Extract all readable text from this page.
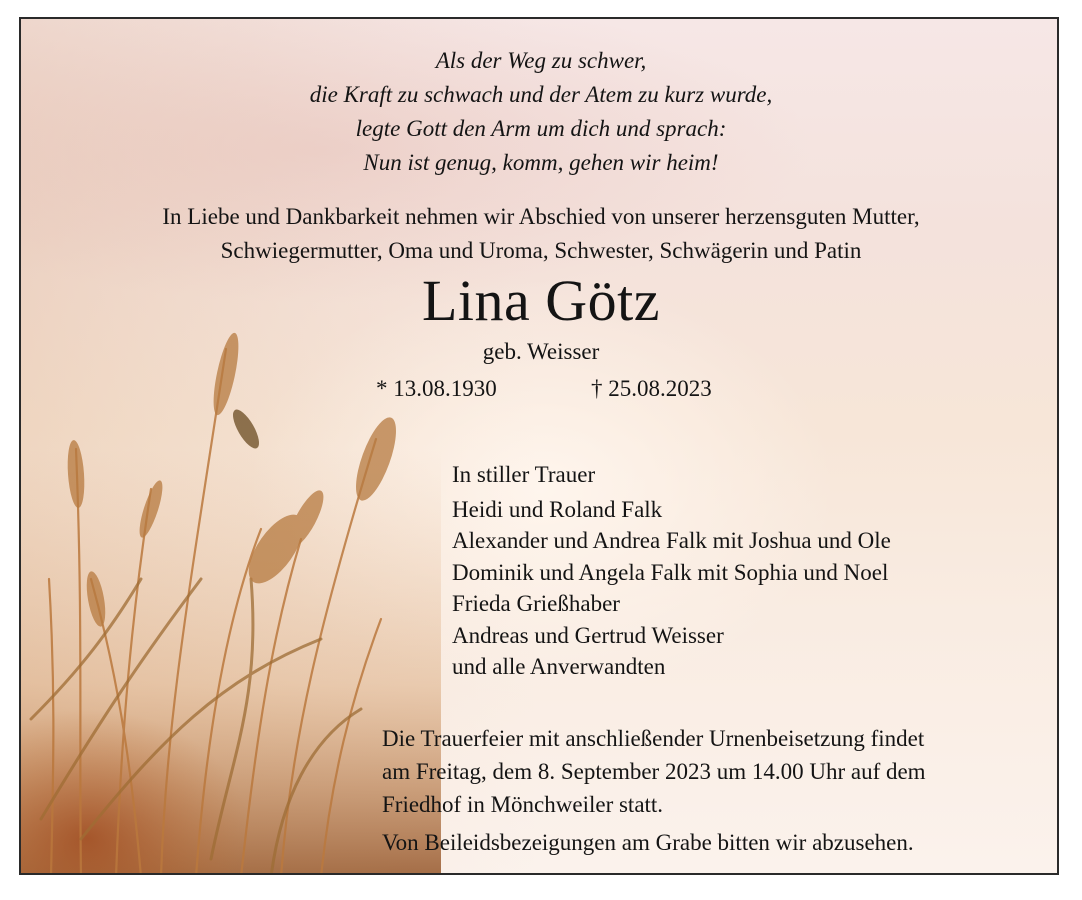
Als der Weg zu schwer,
die Kraft zu schwach und der Atem zu kurz wurde,
legte Gott den Arm um dich und sprach:
Nun ist genug, komm, gehen wir heim!
In Liebe und Dankbarkeit nehmen wir Abschied von unserer herzensguten Mutter,
Schwiegermutter, Oma und Uroma, Schwester, Schwägerin und Patin
Lina Götz
geb. Weisser
* 13.08.1930	† 25.08.2023
In stiller Trauer
Heidi und Roland Falk
Alexander und Andrea Falk mit Joshua und Ole
Dominik und Angela Falk mit Sophia und Noel
Frieda Grießhaber
Andreas und Gertrud Weisser
und alle Anverwandten
Die Trauerfeier mit anschließender Urnenbeisetzung findet
am Freitag, dem 8. September 2023 um 14.00 Uhr auf dem
Friedhof in Mönchweiler statt.
Von Beileidsbezeigungen am Grabe bitten wir abzusehen.
